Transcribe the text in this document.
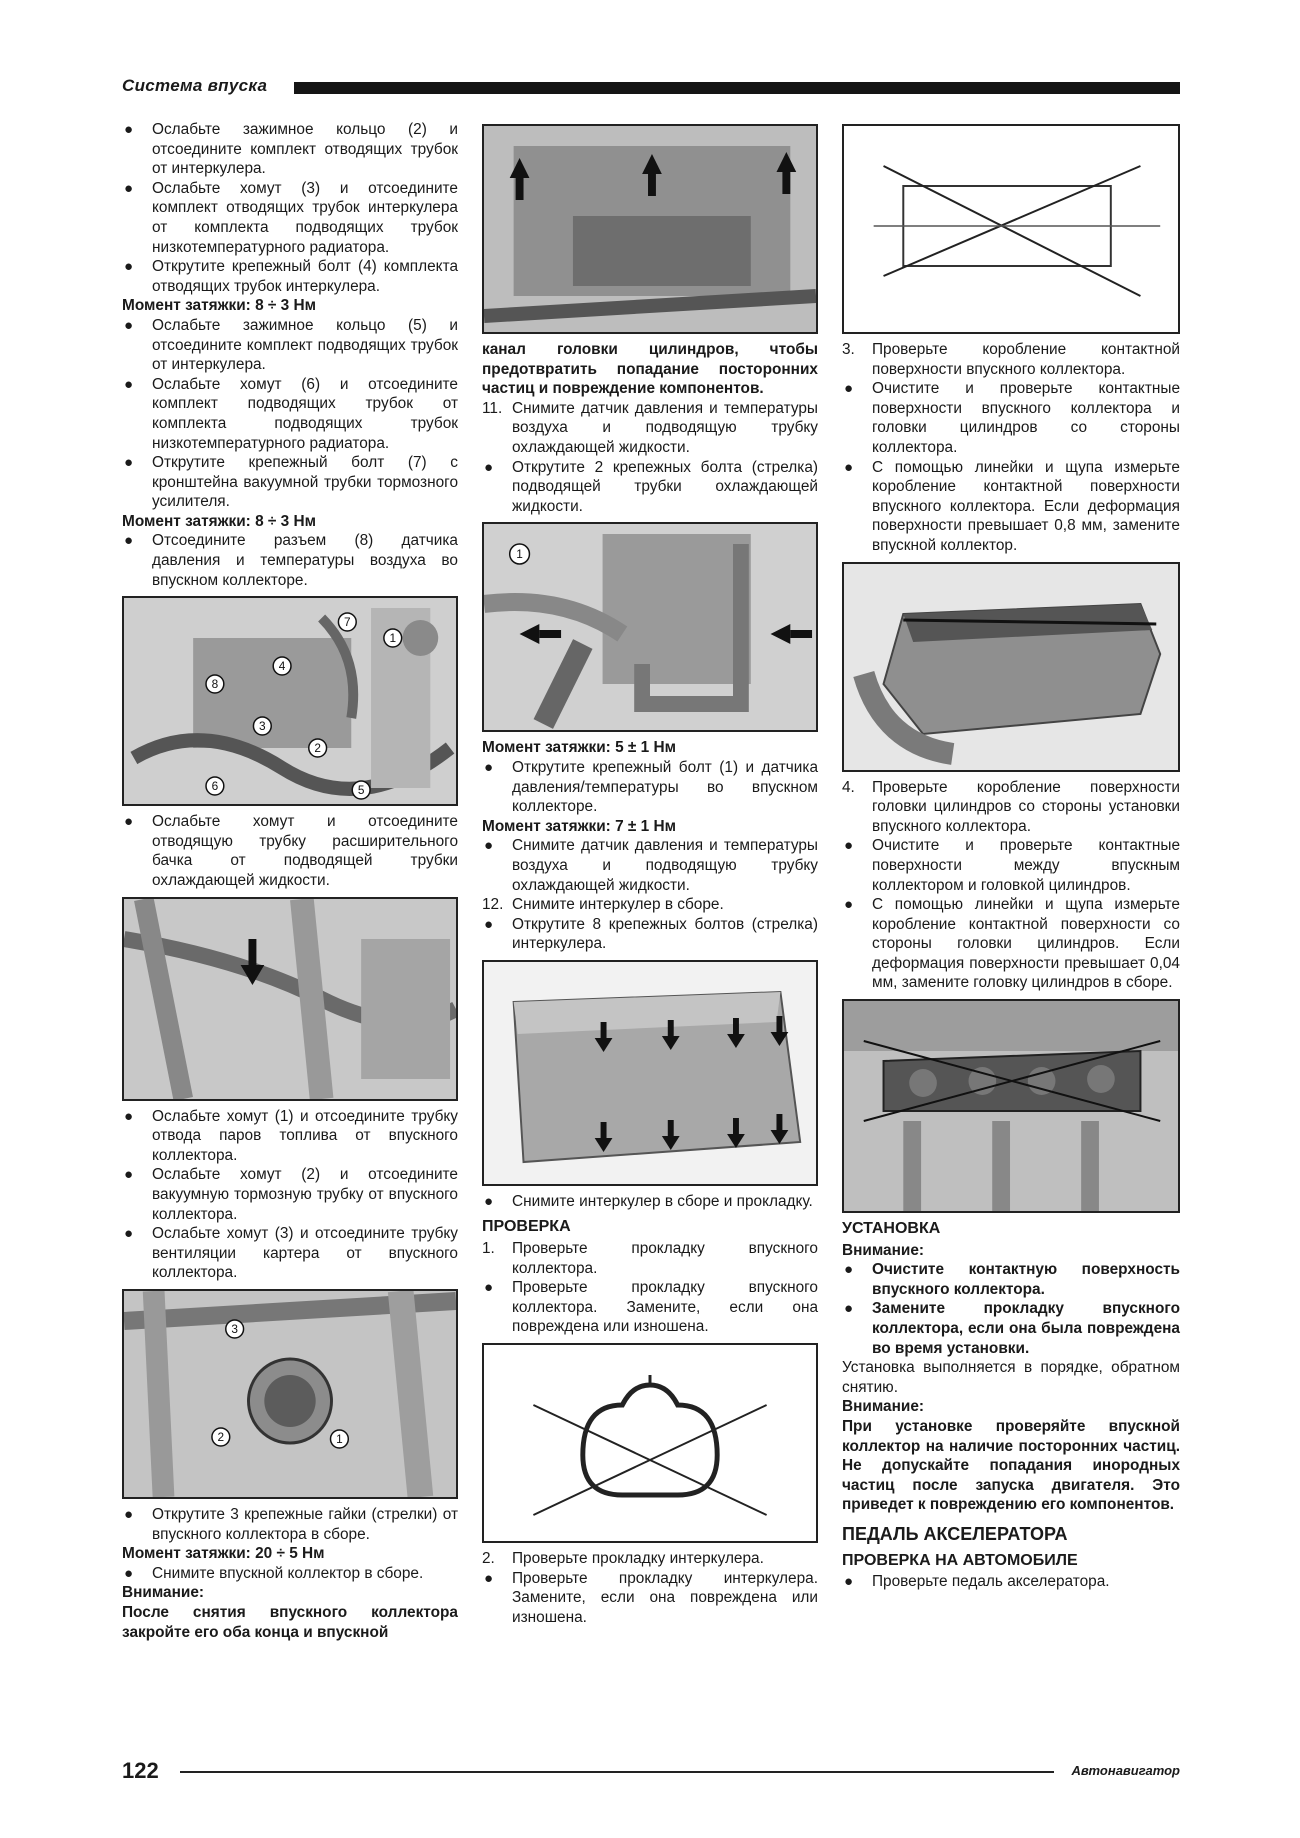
Система впуска

● Ослабьте зажимное кольцо (2) и отсоедините комплект отводящих трубок от интеркулера.

● Ослабьте хомут (3) и отсоедините комплект отводящих трубок интеркулера от комплекта подводящих трубок низкотемпературного радиатора.

● Открутите крепежный болт (4) комплекта отводящих трубок интеркулера.

Момент затяжки: 8 ÷ 3 Нм

● Ослабьте зажимное кольцо (5) и отсоедините комплект подводящих трубок от интеркулера.

● Ослабьте хомут (6) и отсоедините комплект подводящих трубок от комплекта подводящих трубок низкотемпературного радиатора.

● Открутите крепежный болт (7) с кронштейна вакуумной трубки тормозного усилителя.

Момент затяжки: 8 ÷ 3 Нм

● Отсоедините разъем (8) датчика давления и температуры воздуха во впускном коллекторе.

7
1
4
8
3
2
6	5

● Ослабьте хомут и отсоедините отводящую трубку расширительного бачка от подводящей трубки охлаждающей жидкости.

● Ослабьте хомут (1) и отсоедините трубку отвода паров топлива от впускного коллектора.

● Ослабьте хомут (2) и отсоедините вакуумную тормозную трубку от впускного коллектора.

● Ослабьте хомут (3) и отсоедините трубку вентиляции картера от впускного коллектора.

3
2	1

● Открутите 3 крепежные гайки (стрелки) от впускного коллектора в сборе.

Момент затяжки: 20 ÷ 5 Нм

● Снимите впускной коллектор в сборе.

Внимание:

После снятия впускного коллектора закройте его оба конца и впускной

канал головки цилиндров, чтобы предотвратить попадание посторонних частиц и повреждение компонентов.

11. Снимите датчик давления и температуры воздуха и подводящую трубку охлаждающей жидкости.

● Открутите 2 крепежных болта (стрелка) подводящей трубки охлаждающей жидкости.

1

Момент затяжки: 5 ± 1 Нм

● Открутите крепежный болт (1) и датчика давления/температуры во впускном коллекторе.

Момент затяжки: 7 ± 1 Нм

● Снимите датчик давления и температуры воздуха и подводящую трубку охлаждающей жидкости.

12. Снимите интеркулер в сборе.

● Открутите 8 крепежных болтов (стрелка) интеркулера.

● Снимите интеркулер в сборе и прокладку.

ПРОВЕРКА

1. Проверьте прокладку впускного коллектора.

● Проверьте прокладку впускного коллектора. Замените, если она повреждена или изношена.

2. Проверьте прокладку интеркулера.

● Проверьте прокладку интеркулера. Замените, если она повреждена или изношена.

3. Проверьте коробление контактной поверхности впускного коллектора.

● Очистите и проверьте контактные поверхности впускного коллектора и головки цилиндров со стороны коллектора.

● С помощью линейки и щупа измерьте коробление контактной поверхности впускного коллектора. Если деформация поверхности превышает 0,8 мм, замените впускной коллектор.

4. Проверьте коробление поверхности головки цилиндров со стороны установки впускного коллектора.

● Очистите и проверьте контактные поверхности между впускным коллектором и головкой цилиндров.

● С помощью линейки и щупа измерьте коробление контактной поверхности со стороны головки цилиндров. Если деформация поверхности превышает 0,04 мм, замените головку цилиндров в сборе.

УСТАНОВКА

Внимание:

● Очистите контактную поверхность впускного коллектора.

● Замените прокладку впускного коллектора, если она была повреждена во время установки.

Установка выполняется в порядке, обратном снятию.

Внимание:

При установке проверяйте впускной коллектор на наличие посторонних частиц. Не допускайте попадания инородных частиц после запуска двигателя. Это приведет к повреждению его компонентов.

ПЕДАЛЬ АКСЕЛЕРАТОРА

ПРОВЕРКА НА АВТОМОБИЛЕ

● Проверьте педаль акселератора.

122	Автонавигатор
